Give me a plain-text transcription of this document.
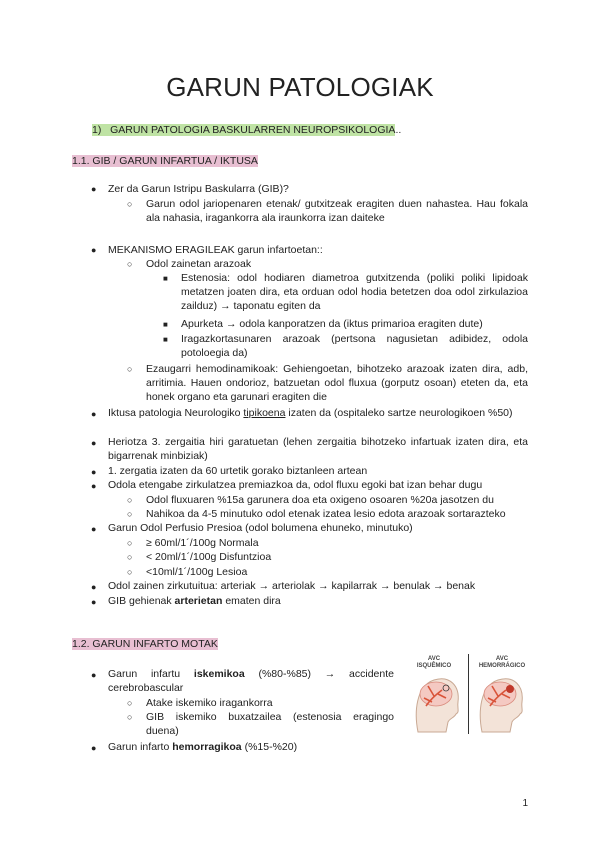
GARUN PATOLOGIAK
1) GARUN PATOLOGIA BASKULARREN NEUROPSIKOLOGIA..
1.1. GIB / GARUN INFARTUA / IKTUSA
● Zer da Garun Istripu Baskularra (GIB)?
○ Garun odol jariopenaren etenak/ gutxitzeak eragiten duen nahastea. Hau fokala ala nahasia, iragankorra ala iraunkorra izan daiteke
● MEKANISMO ERAGILEAK garun infartoetan::
○ Odol zainetan arazoak
■ Estenosia: odol hodiaren diametroa gutxitzenda (poliki poliki lipidoak metatzen joaten dira, eta orduan odol hodia betetzen doa odol zirkulazioa zailduz) → taponatu egiten da
■ Apurketa → odola kanporatzen da (iktus primarioa eragiten dute)
■ Iragazkortasunaren arazoak (pertsona nagusietan adibidez, odola potoloegia da)
○ Ezaugarri hemodinamikoak: Gehiengoetan, bihotzeko arazoak izaten dira, adb, arritimia. Hauen ondorioz, batzuetan odol fluxua (gorputz osoan) eteten da, eta honek organo eta garunari eragiten die
● Iktusa patologia Neurologiko tipikoena izaten da (ospitaleko sartze neurologikoen %50)
● Heriotza 3. zergaitia hiri garatuetan (lehen zergaitia bihotzeko infartuak izaten dira, eta bigarrenak minbiziak)
● 1. zergatia izaten da 60 urtetik gorako biztanleen artean
● Odola etengabe zirkulatzea premiazkoa da, odol fluxu egoki bat izan behar dugu
○ Odol fluxuaren %15a garunera doa eta oxigeno osoaren %20a jasotzen du
○ Nahikoa da 4-5 minutuko odol etenak izatea lesio edota arazoak sortarazteko
● Garun Odol Perfusio Presioa (odol bolumena ehuneko, minutuko)
○ ≥ 60ml/1´/100g Normala
○ < 20ml/1´/100g Disfuntzioa
○ <10ml/1´/100g Lesioa
● Odol zainen zirkutuitua: arteriak → arteriolak → kapilarrak → benulak → benak
● GIB gehienak arterietan ematen dira
1.2. GARUN INFARTO MOTAK
● Garun infartu iskemikoa (%80-%85) → accidente cerebrobascular
○ Atake iskemiko iragankorra
○ GIB iskemiko buxatzailea (estenosia eragingo duena)
● Garun infarto hemorragikoa (%15-%20)
AVC
ISQUÊMICO
AVC
HEMORRÁGICO
1
